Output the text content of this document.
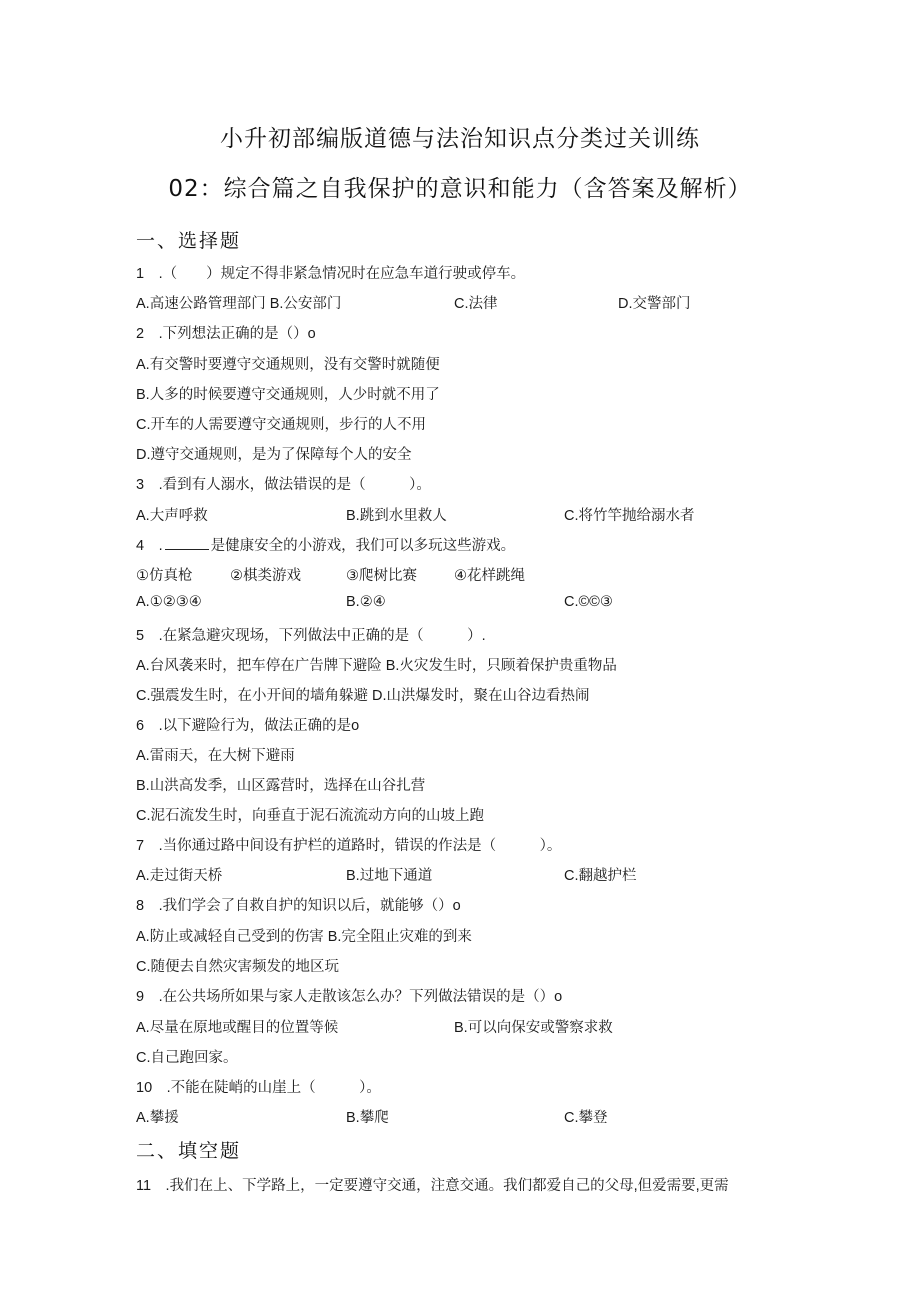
小升初部编版道德与法治知识点分类过关训练
02：综合篇之自我保护的意识和能力（含答案及解析）
一、选择题
1　.（　　）规定不得非紧急情况时在应急车道行驶或停车。
A.高速公路管理部门 B.公安部门	C.法律	D.交警部门
2　.下列想法正确的是（）o
A.有交警时要遵守交通规则，没有交警时就随便
B.人多的时候要遵守交通规则，人少时就不用了
C.开车的人需要遵守交通规则，步行的人不用
D.遵守交通规则，是为了保障每个人的安全
3　.看到有人溺水，做法错误的是（　　　）。
A.大声呼救	B.跳到水里救人	C.将竹竿抛给溺水者
4　.	是健康安全的小游戏，我们可以多玩这些游戏。
①仿真枪	②棋类游戏	③爬树比赛	④花样跳绳
A.①②③④	B.②④	C.©©③
5　.在紧急避灾现场，下列做法中正确的是（　　　）.
A.台风袭来时，把车停在广告牌下避险 B.火灾发生时，只顾着保护贵重物品
C.强震发生时，在小开间的墙角躲避 D.山洪爆发时，聚在山谷边看热闹
6　.以下避险行为，做法正确的是o
A.雷雨天，在大树下避雨
B.山洪高发季，山区露营时，选择在山谷扎营
C.泥石流发生时，向垂直于泥石流流动方向的山坡上跑
7　.当你通过路中间设有护栏的道路时，错误的作法是（　　　）。
A.走过街天桥	B.过地下通道	C.翻越护栏
8　.我们学会了自救自护的知识以后，就能够（）o
A.防止或减轻自己受到的伤害 B.完全阻止灾难的到来
C.随便去自然灾害频发的地区玩
9　.在公共场所如果与家人走散该怎么办？下列做法错误的是（）o
A.尽量在原地或醒目的位置等候	B.可以向保安或警察求救
C.自己跑回家。
10　.不能在陡峭的山崖上（　　　）。
A.攀援	B.攀爬	C.攀登
二、填空题
11　.我们在上、下学路上，一定要遵守交通，注意交通。我们都爱自己的父母,但爱需要,更需
